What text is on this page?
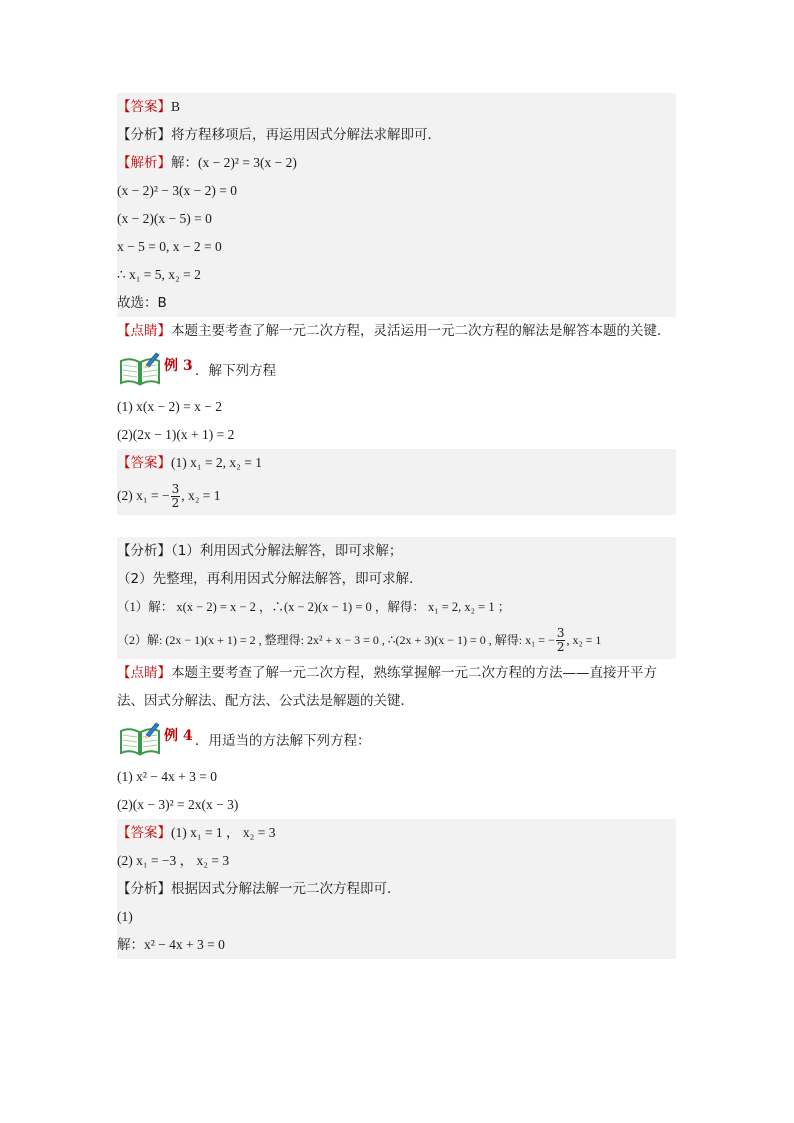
【答案】B
【分析】将方程移项后，再运用因式分解法求解即可．
【解析】解：(x − 2)² = 3(x − 2)
(x − 2)² − 3(x − 2) = 0
(x − 2)(x − 5) = 0
x − 5 = 0, x − 2 = 0
∴ x₁ = 5, x₂ = 2
故选：B
【点睛】本题主要考查了解一元二次方程，灵活运用一元二次方程的解法是解答本题的关键．
例 3 ．解下列方程
(1) x(x − 2) = x − 2
(2)(2x − 1)(x + 1) = 2
【答案】(1) x₁ = 2, x₂ = 1
(2) x₁ = − $\frac{3}{2}$ , x₂ = 1
【分析】（1）利用因式分解法解答，即可求解；
（2）先整理，再利用因式分解法解答，即可求解．
（1）解： x(x − 2) = x − 2 ，∴(x − 2)(x − 1) = 0 ，解得： x₁ = 2, x₂ = 1 ；
（2）解: (2x − 1)(x + 1) = 2 , 整理得: 2x² + x − 3 = 0 , ∴(2x + 3)(x − 1) = 0 , 解得: x₁ = − $\frac{3}{2}$ , x₂ = 1
【点睛】本题主要考查了解一元二次方程，熟练掌握解一元二次方程的方法——直接开平方法、因式分解法、配方法、公式法是解题的关键．
例 4 ．用适当的方法解下列方程：
(1) x² − 4x + 3 = 0
(2)(x − 3)² = 2x(x − 3)
【答案】(1) x₁ = 1 ， x₂ = 3
(2) x₁ = −3 ， x₂ = 3
【分析】根据因式分解法解一元二次方程即可．
(1)
解：x² − 4x + 3 = 0
